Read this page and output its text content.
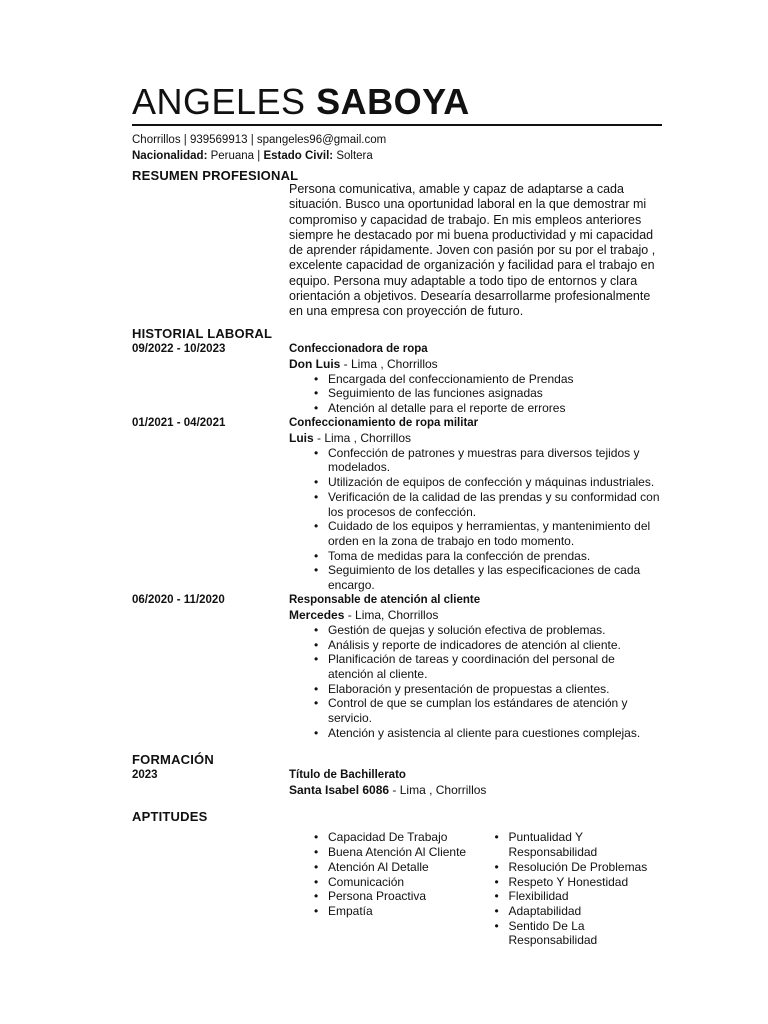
ANGELES SABOYA
Chorrillos | 939569913 | spangeles96@gmail.com
Nacionalidad: Peruana | Estado Civil: Soltera
RESUMEN PROFESIONAL
Persona comunicativa, amable y capaz de adaptarse a cada situación. Busco una oportunidad laboral en la que demostrar mi compromiso y capacidad de trabajo. En mis empleos anteriores siempre he destacado por mi buena productividad y mi capacidad de aprender rápidamente. Joven con pasión por su por el trabajo , excelente capacidad de organización y facilidad para el trabajo en equipo. Persona muy adaptable a todo tipo de entornos y clara orientación a objetivos. Desearía desarrollarme profesionalmente en una empresa con proyección de futuro.
HISTORIAL LABORAL
09/2022 - 10/2023	Confeccionadora de ropa
Don Luis - Lima , Chorrillos
• Encargada del confeccionamiento de Prendas
• Seguimiento de las funciones asignadas
• Atención al detalle para el reporte de errores
01/2021 - 04/2021	Confeccionamiento de ropa militar
Luis - Lima , Chorrillos
• Confección de patrones y muestras para diversos tejidos y modelados.
• Utilización de equipos de confección y máquinas industriales.
• Verificación de la calidad de las prendas y su conformidad con los procesos de confección.
• Cuidado de los equipos y herramientas, y mantenimiento del orden en la zona de trabajo en todo momento.
• Toma de medidas para la confección de prendas.
• Seguimiento de los detalles y las especificaciones de cada encargo.
06/2020 - 11/2020	Responsable de atención al cliente
Mercedes - Lima, Chorrillos
• Gestión de quejas y solución efectiva de problemas.
• Análisis y reporte de indicadores de atención al cliente.
• Planificación de tareas y coordinación del personal de atención al cliente.
• Elaboración y presentación de propuestas a clientes.
• Control de que se cumplan los estándares de atención y servicio.
• Atención y asistencia al cliente para cuestiones complejas.
FORMACIÓN
2023	Título de Bachillerato
Santa Isabel 6086 - Lima , Chorrillos
APTITUDES
• Capacidad De Trabajo
• Buena Atención Al Cliente
• Atención Al Detalle
• Comunicación
• Persona Proactiva
• Empatía
• Puntualidad Y Responsabilidad
• Resolución De Problemas
• Respeto Y Honestidad
• Flexibilidad
• Adaptabilidad
• Sentido De La Responsabilidad
